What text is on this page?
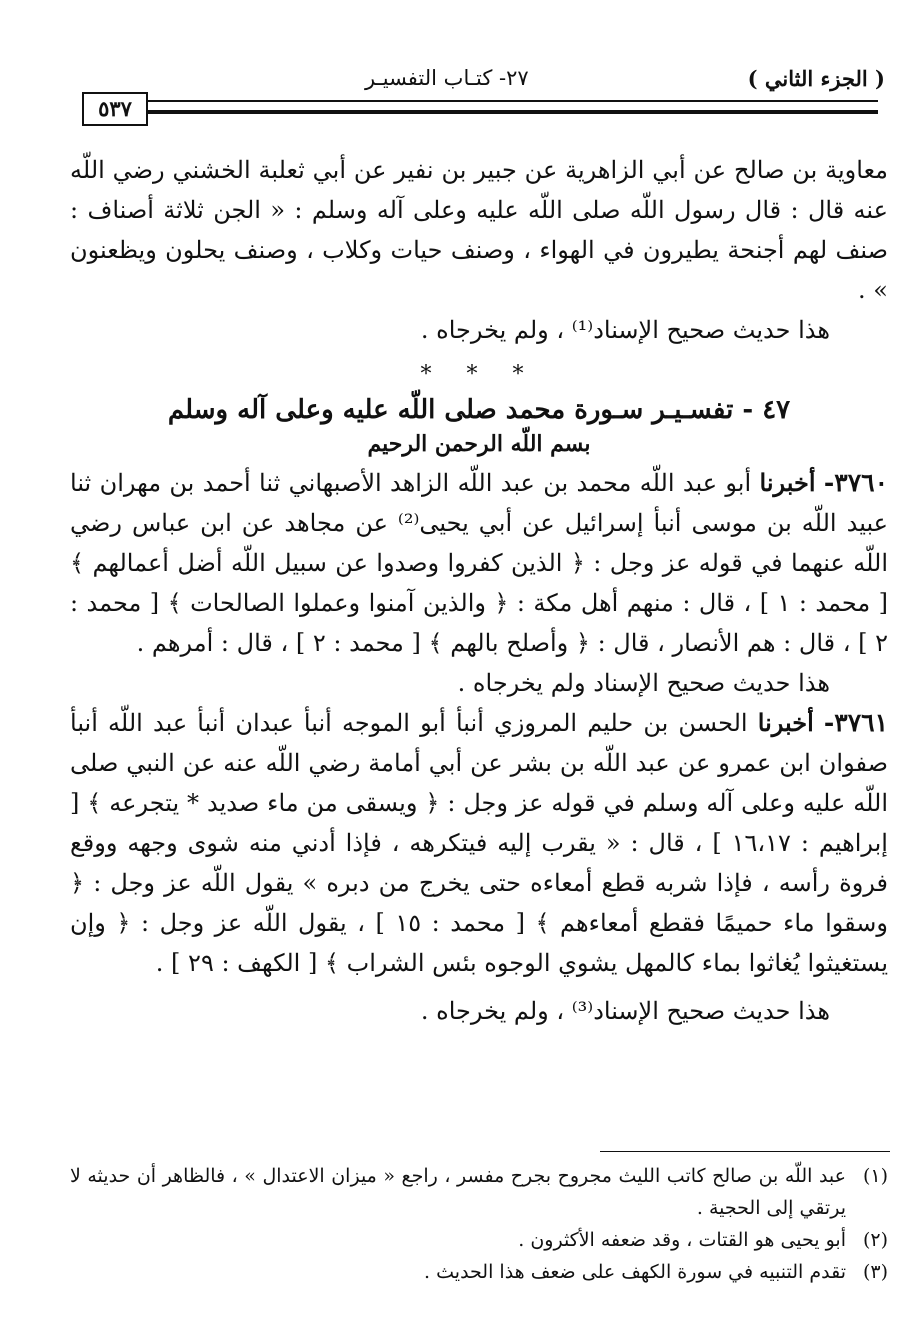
( الجزء الثاني )
٢٧- كتـاب التفسيـر
٥٣٧

معاوية بن صالح عن أبي الزاهرية عن جبير بن نفير عن أبي ثعلبة الخشني رضي اللّه عنه قال : قال رسول اللّه صلى اللّه عليه وعلى آله وسلم : « الجن ثلاثة أصناف : صنف لهم أجنحة يطيرون في الهواء ، وصنف حيات وكلاب ، وصنف يحلون ويظعنون » .

هذا حديث صحيح الإسناد⁽¹⁾ ، ولم يخرجاه .

* * *
٤٧ - تفسـيـر سـورة محمد صلى اللّه عليه وعلى آله وسلم
بسم اللّه الرحمن الرحيم

٣٧٦٠- أخبرنا أبو عبد اللّه محمد بن عبد اللّه الزاهد الأصبهاني ثنا أحمد بن مهران ثنا عبيد اللّه بن موسى أنبأ إسرائيل عن أبي يحيى⁽²⁾ عن مجاهد عن ابن عباس رضي اللّه عنهما في قوله عز وجل : ﴿ الذين كفروا وصدوا عن سبيل اللّه أضل أعمالهم ﴾ [ محمد : ١ ] ، قال : منهم أهل مكة : ﴿ والذين آمنوا وعملوا الصالحات ﴾ [ محمد : ٢ ] ، قال : هم الأنصار ، قال : ﴿ وأصلح بالهم ﴾ [ محمد : ٢ ] ، قال : أمرهم .

هذا حديث صحيح الإسناد ولم يخرجاه .

٣٧٦١- أخبرنا الحسن بن حليم المروزي أنبأ أبو الموجه أنبأ عبدان أنبأ عبد اللّه أنبأ صفوان ابن عمرو عن عبد اللّه بن بشر عن أبي أمامة رضي اللّه عنه عن النبي صلى اللّه عليه وعلى آله وسلم في قوله عز وجل : ﴿ ويسقى من ماء صديد * يتجرعه ﴾ [ إبراهيم : ١٦،١٧ ] ، قال : « يقرب إليه فيتكرهه ، فإذا أدني منه شوى وجهه ووقع فروة رأسه ، فإذا شربه قطع أمعاءه حتى يخرج من دبره » يقول اللّه عز وجل : ﴿ وسقوا ماء حميمًا فقطع أمعاءهم ﴾ [ محمد : ١٥ ] ، يقول اللّه عز وجل : ﴿ وإن يستغيثوا يُغاثوا بماء كالمهل يشوي الوجوه بئس الشراب ﴾ [ الكهف : ٢٩ ] .

هذا حديث صحيح الإسناد⁽³⁾ ، ولم يخرجاه .

(١)عبد اللّه بن صالح كاتب الليث مجروح بجرح مفسر ، راجع « ميزان الاعتدال » ، فالظاهر أن حديثه لا يرتقي إلى الحجية .

(٢)أبو يحيى هو القتات ، وقد ضعفه الأكثرون .

(٣)تقدم التنبيه في سورة الكهف على ضعف هذا الحديث .
